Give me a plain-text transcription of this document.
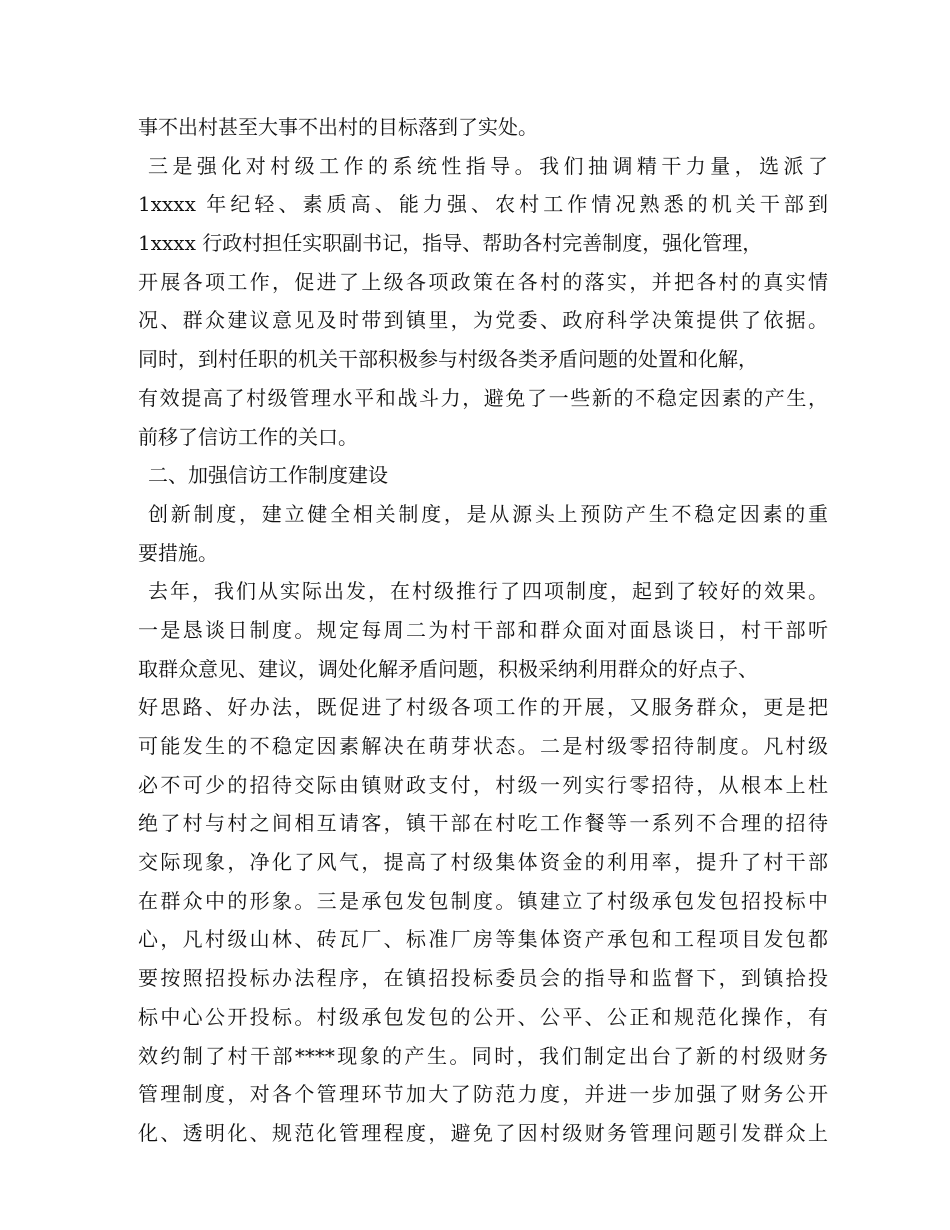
事不出村甚至大事不出村的目标落到了实处。
三是强化对村级工作的系统性指导。我们抽调精干力量，选派了
1xxxx 年纪轻、素质高、能力强、农村工作情况熟悉的机关干部到
1xxxx 行政村担任实职副书记，指导、帮助各村完善制度，强化管理，
开展各项工作，促进了上级各项政策在各村的落实，并把各村的真实情
况、群众建议意见及时带到镇里，为党委、政府科学决策提供了依据。
同时，到村任职的机关干部积极参与村级各类矛盾问题的处置和化解，
有效提高了村级管理水平和战斗力，避免了一些新的不稳定因素的产生，
前移了信访工作的关口。
二、加强信访工作制度建设
创新制度，建立健全相关制度，是从源头上预防产生不稳定因素的重
要措施。
去年，我们从实际出发，在村级推行了四项制度，起到了较好的效果。
一是恳谈日制度。规定每周二为村干部和群众面对面恳谈日，村干部听
取群众意见、建议，调处化解矛盾问题，积极采纳利用群众的好点子、
好思路、好办法，既促进了村级各项工作的开展，又服务群众，更是把
可能发生的不稳定因素解决在萌芽状态。二是村级零招待制度。凡村级
必不可少的招待交际由镇财政支付，村级一列实行零招待，从根本上杜
绝了村与村之间相互请客，镇干部在村吃工作餐等一系列不合理的招待
交际现象，净化了风气，提高了村级集体资金的利用率，提升了村干部
在群众中的形象。三是承包发包制度。镇建立了村级承包发包招投标中
心，凡村级山林、砖瓦厂、标准厂房等集体资产承包和工程项目发包都
要按照招投标办法程序，在镇招投标委员会的指导和监督下，到镇拾投
标中心公开投标。村级承包发包的公开、公平、公正和规范化操作，有
效约制了村干部****现象的产生。同时，我们制定出台了新的村级财务
管理制度，对各个管理环节加大了防范力度，并进一步加强了财务公开
化、透明化、规范化管理程度，避免了因村级财务管理问题引发群众上
